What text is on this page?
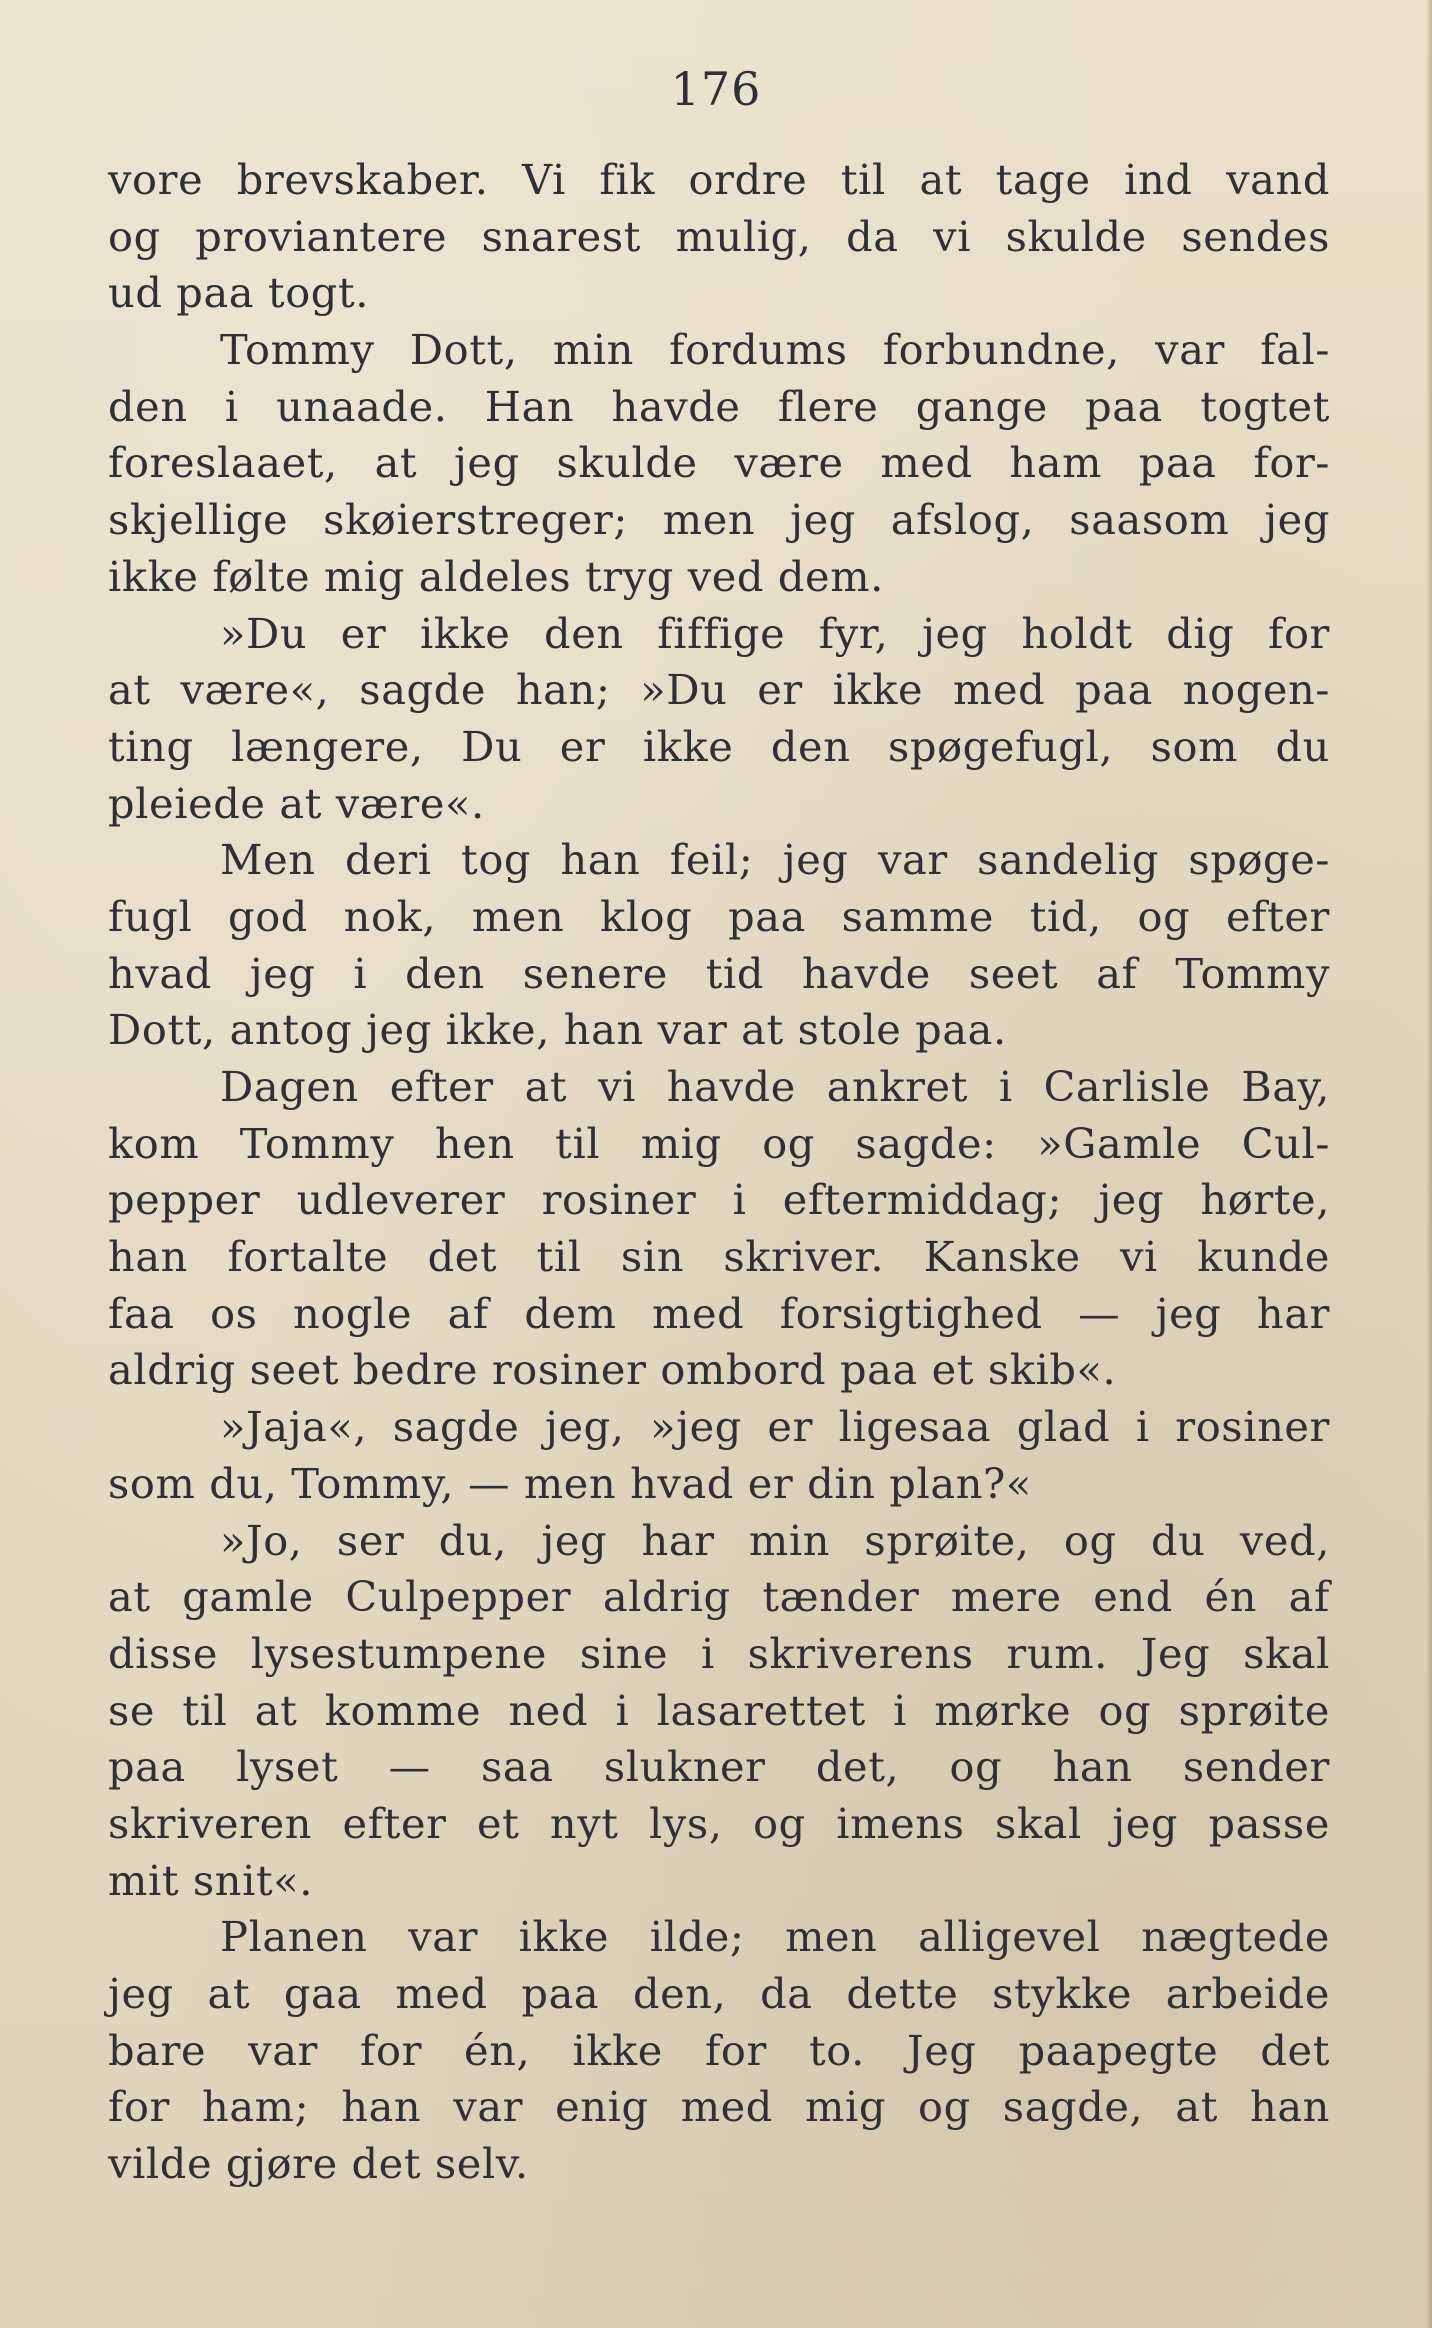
176
vore brevskaber. Vi fik ordre til at tage ind vand
og proviantere snarest mulig, da vi skulde sendes
ud paa togt.
Tommy Dott, min fordums forbundne, var fal-
den i unaade. Han havde flere gange paa togtet
foreslaaet, at jeg skulde være med ham paa for-
skjellige skøierstreger; men jeg afslog, saasom jeg
ikke følte mig aldeles tryg ved dem.
»Du er ikke den fiffige fyr, jeg holdt dig for
at være«, sagde han; »Du er ikke med paa nogen-
ting længere, Du er ikke den spøgefugl, som du
pleiede at være«.
Men deri tog han feil; jeg var sandelig spøge-
fugl god nok, men klog paa samme tid, og efter
hvad jeg i den senere tid havde seet af Tommy
Dott, antog jeg ikke, han var at stole paa.
Dagen efter at vi havde ankret i Carlisle Bay,
kom Tommy hen til mig og sagde: »Gamle Cul-
pepper udleverer rosiner i eftermiddag; jeg hørte,
han fortalte det til sin skriver. Kanske vi kunde
faa os nogle af dem med forsigtighed — jeg har
aldrig seet bedre rosiner ombord paa et skib«.
»Jaja«, sagde jeg, »jeg er ligesaa glad i rosiner
som du, Tommy, — men hvad er din plan?«
»Jo, ser du, jeg har min sprøite, og du ved,
at gamle Culpepper aldrig tænder mere end én af
disse lysestumpene sine i skriverens rum. Jeg skal
se til at komme ned i lasarettet i mørke og sprøite
paa lyset — saa slukner det, og han sender
skriveren efter et nyt lys, og imens skal jeg passe
mit snit«.
Planen var ikke ilde; men alligevel nægtede
jeg at gaa med paa den, da dette stykke arbeide
bare var for én, ikke for to. Jeg paapegte det
for ham; han var enig med mig og sagde, at han
vilde gjøre det selv.
